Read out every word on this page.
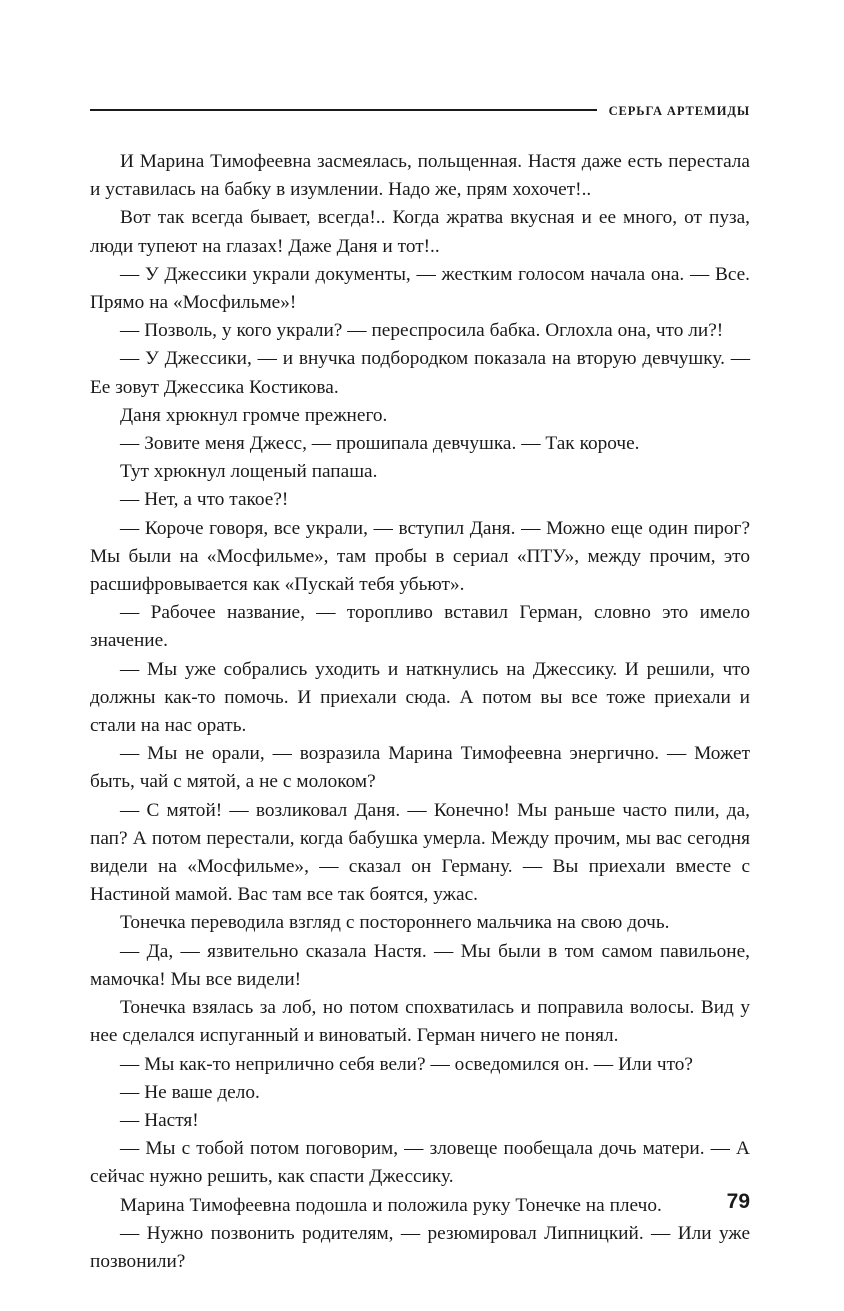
СЕРЬГА АРТЕМИДЫ

И Марина Тимофеевна засмеялась, польщенная. Настя даже есть перестала и уставилась на бабку в изумлении. Надо же, прям хохочет!..

Вот так всегда бывает, всегда!.. Когда жратва вкусная и ее много, от пуза, люди тупеют на глазах! Даже Даня и тот!..

— У Джессики украли документы, — жестким голосом начала она. — Все. Прямо на «Мосфильме»!

— Позволь, у кого украли? — переспросила бабка. Оглохла она, что ли?!

— У Джессики, — и внучка подбородком показала на вторую девчушку. — Ее зовут Джессика Костикова.

Даня хрюкнул громче прежнего.

— Зовите меня Джесс, — прошипала девчушка. — Так короче.

Тут хрюкнул лощеный папаша.

— Нет, а что такое?!

— Короче говоря, все украли, — вступил Даня. — Можно еще один пирог? Мы были на «Мосфильме», там пробы в сериал «ПТУ», между прочим, это расшифровывается как «Пускай тебя убьют».

— Рабочее название, — торопливо вставил Герман, словно это имело значение.

— Мы уже собрались уходить и наткнулись на Джессику. И решили, что должны как-то помочь. И приехали сюда. А потом вы все тоже приехали и стали на нас орать.

— Мы не орали, — возразила Марина Тимофеевна энергично. — Может быть, чай с мятой, а не с молоком?

— С мятой! — возликовал Даня. — Конечно! Мы раньше часто пили, да, пап? А потом перестали, когда бабушка умерла. Между прочим, мы вас сегодня видели на «Мосфильме», — сказал он Герману. — Вы приехали вместе с Настиной мамой. Вас там все так боятся, ужас.

Тонечка переводила взгляд с постороннего мальчика на свою дочь.

— Да, — язвительно сказала Настя. — Мы были в том самом павильоне, мамочка! Мы все видели!

Тонечка взялась за лоб, но потом спохватилась и поправила волосы. Вид у нее сделался испуганный и виноватый. Герман ничего не понял.

— Мы как-то неприлично себя вели? — осведомился он. — Или что?

— Не ваше дело.

— Настя!

— Мы с тобой потом поговорим, — зловеще пообещала дочь матери. — А сейчас нужно решить, как спасти Джессику.

Марина Тимофеевна подошла и положила руку Тонечке на плечо.

— Нужно позвонить родителям, — резюмировал Липницкий. — Или уже позвонили?

79
